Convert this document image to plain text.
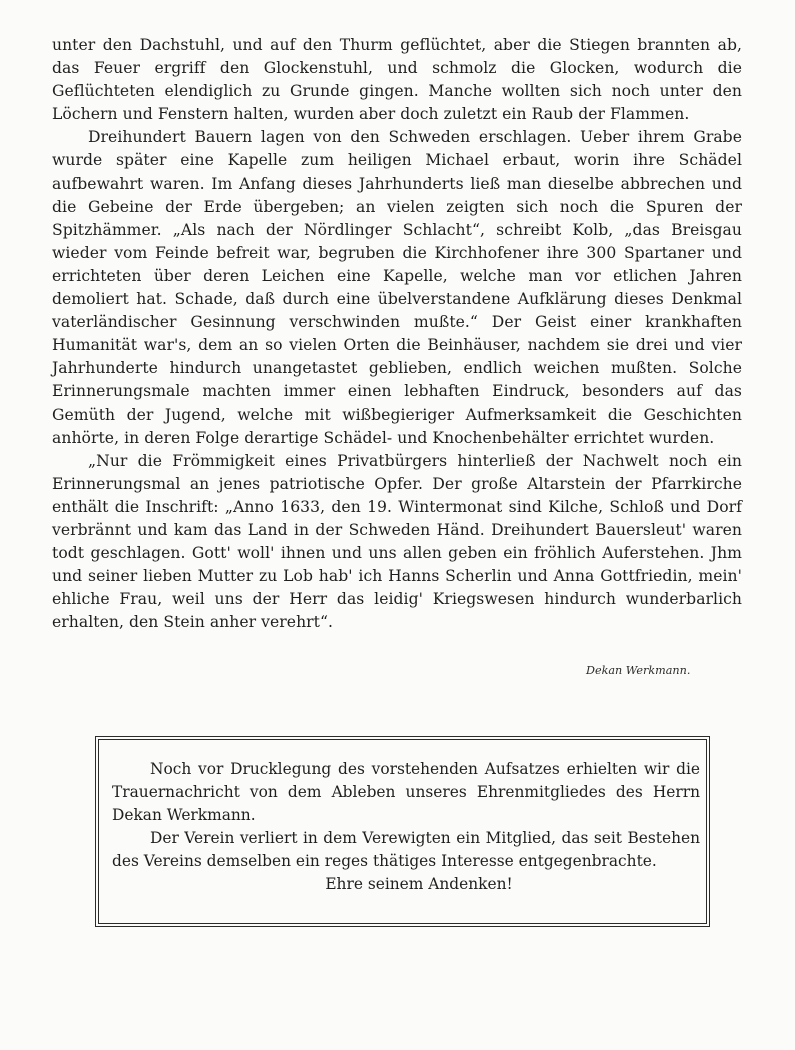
unter den Dachstuhl, und auf den Thurm geflüchtet, aber die Stiegen brannten ab, das Feuer ergriff den Glockenstuhl, und schmolz die Glocken, wodurch die Geflüchteten elendiglich zu Grunde gingen. Manche wollten sich noch unter den Löchern und Fenstern halten, wurden aber doch zuletzt ein Raub der Flammen.

Dreihundert Bauern lagen von den Schweden erschlagen. Ueber ihrem Grabe wurde später eine Kapelle zum heiligen Michael erbaut, worin ihre Schädel aufbewahrt waren. Im Anfang dieses Jahrhunderts ließ man dieselbe abbrechen und die Gebeine der Erde übergeben; an vielen zeigten sich noch die Spuren der Spitzhämmer. „Als nach der Nördlinger Schlacht“, schreibt Kolb, „das Breisgau wieder vom Feinde befreit war, begruben die Kirchhofener ihre 300 Spartaner und errichteten über deren Leichen eine Kapelle, welche man vor etlichen Jahren demoliert hat. Schade, daß durch eine übelverstandene Aufklärung dieses Denkmal vaterländischer Gesinnung verschwinden mußte.“ Der Geist einer krankhaften Humanität war's, dem an so vielen Orten die Beinhäuser, nachdem sie drei und vier Jahrhunderte hindurch unangetastet geblieben, endlich weichen mußten. Solche Erinnerungsmale machten immer einen lebhaften Eindruck, besonders auf das Gemüth der Jugend, welche mit wißbegieriger Aufmerksamkeit die Geschichten anhörte, in deren Folge derartige Schädel- und Knochenbehälter errichtet wurden.

„Nur die Frömmigkeit eines Privatbürgers hinterließ der Nachwelt noch ein Erinnerungsmal an jenes patriotische Opfer. Der große Altarstein der Pfarrkirche enthält die Inschrift: „Anno 1633, den 19. Wintermonat sind Kilche, Schloß und Dorf verbrännt und kam das Land in der Schweden Händ. Dreihundert Bauersleut' waren todt geschlagen. Gott' woll' ihnen und uns allen geben ein fröhlich Auferstehen. Jhm und seiner lieben Mutter zu Lob hab' ich Hanns Scherlin und Anna Gottfriedin, mein' ehliche Frau, weil uns der Herr das leidig' Kriegswesen hindurch wunderbarlich erhalten, den Stein anher verehrt“.

Dekan Werkmann.

Noch vor Drucklegung des vorstehenden Aufsatzes erhielten wir die Trauernachricht von dem Ableben unseres Ehrenmitgliedes des Herrn Dekan Werkmann.

Der Verein verliert in dem Verewigten ein Mitglied, das seit Bestehen des Vereins demselben ein reges thätiges Interesse entgegenbrachte.

Ehre seinem Andenken!
